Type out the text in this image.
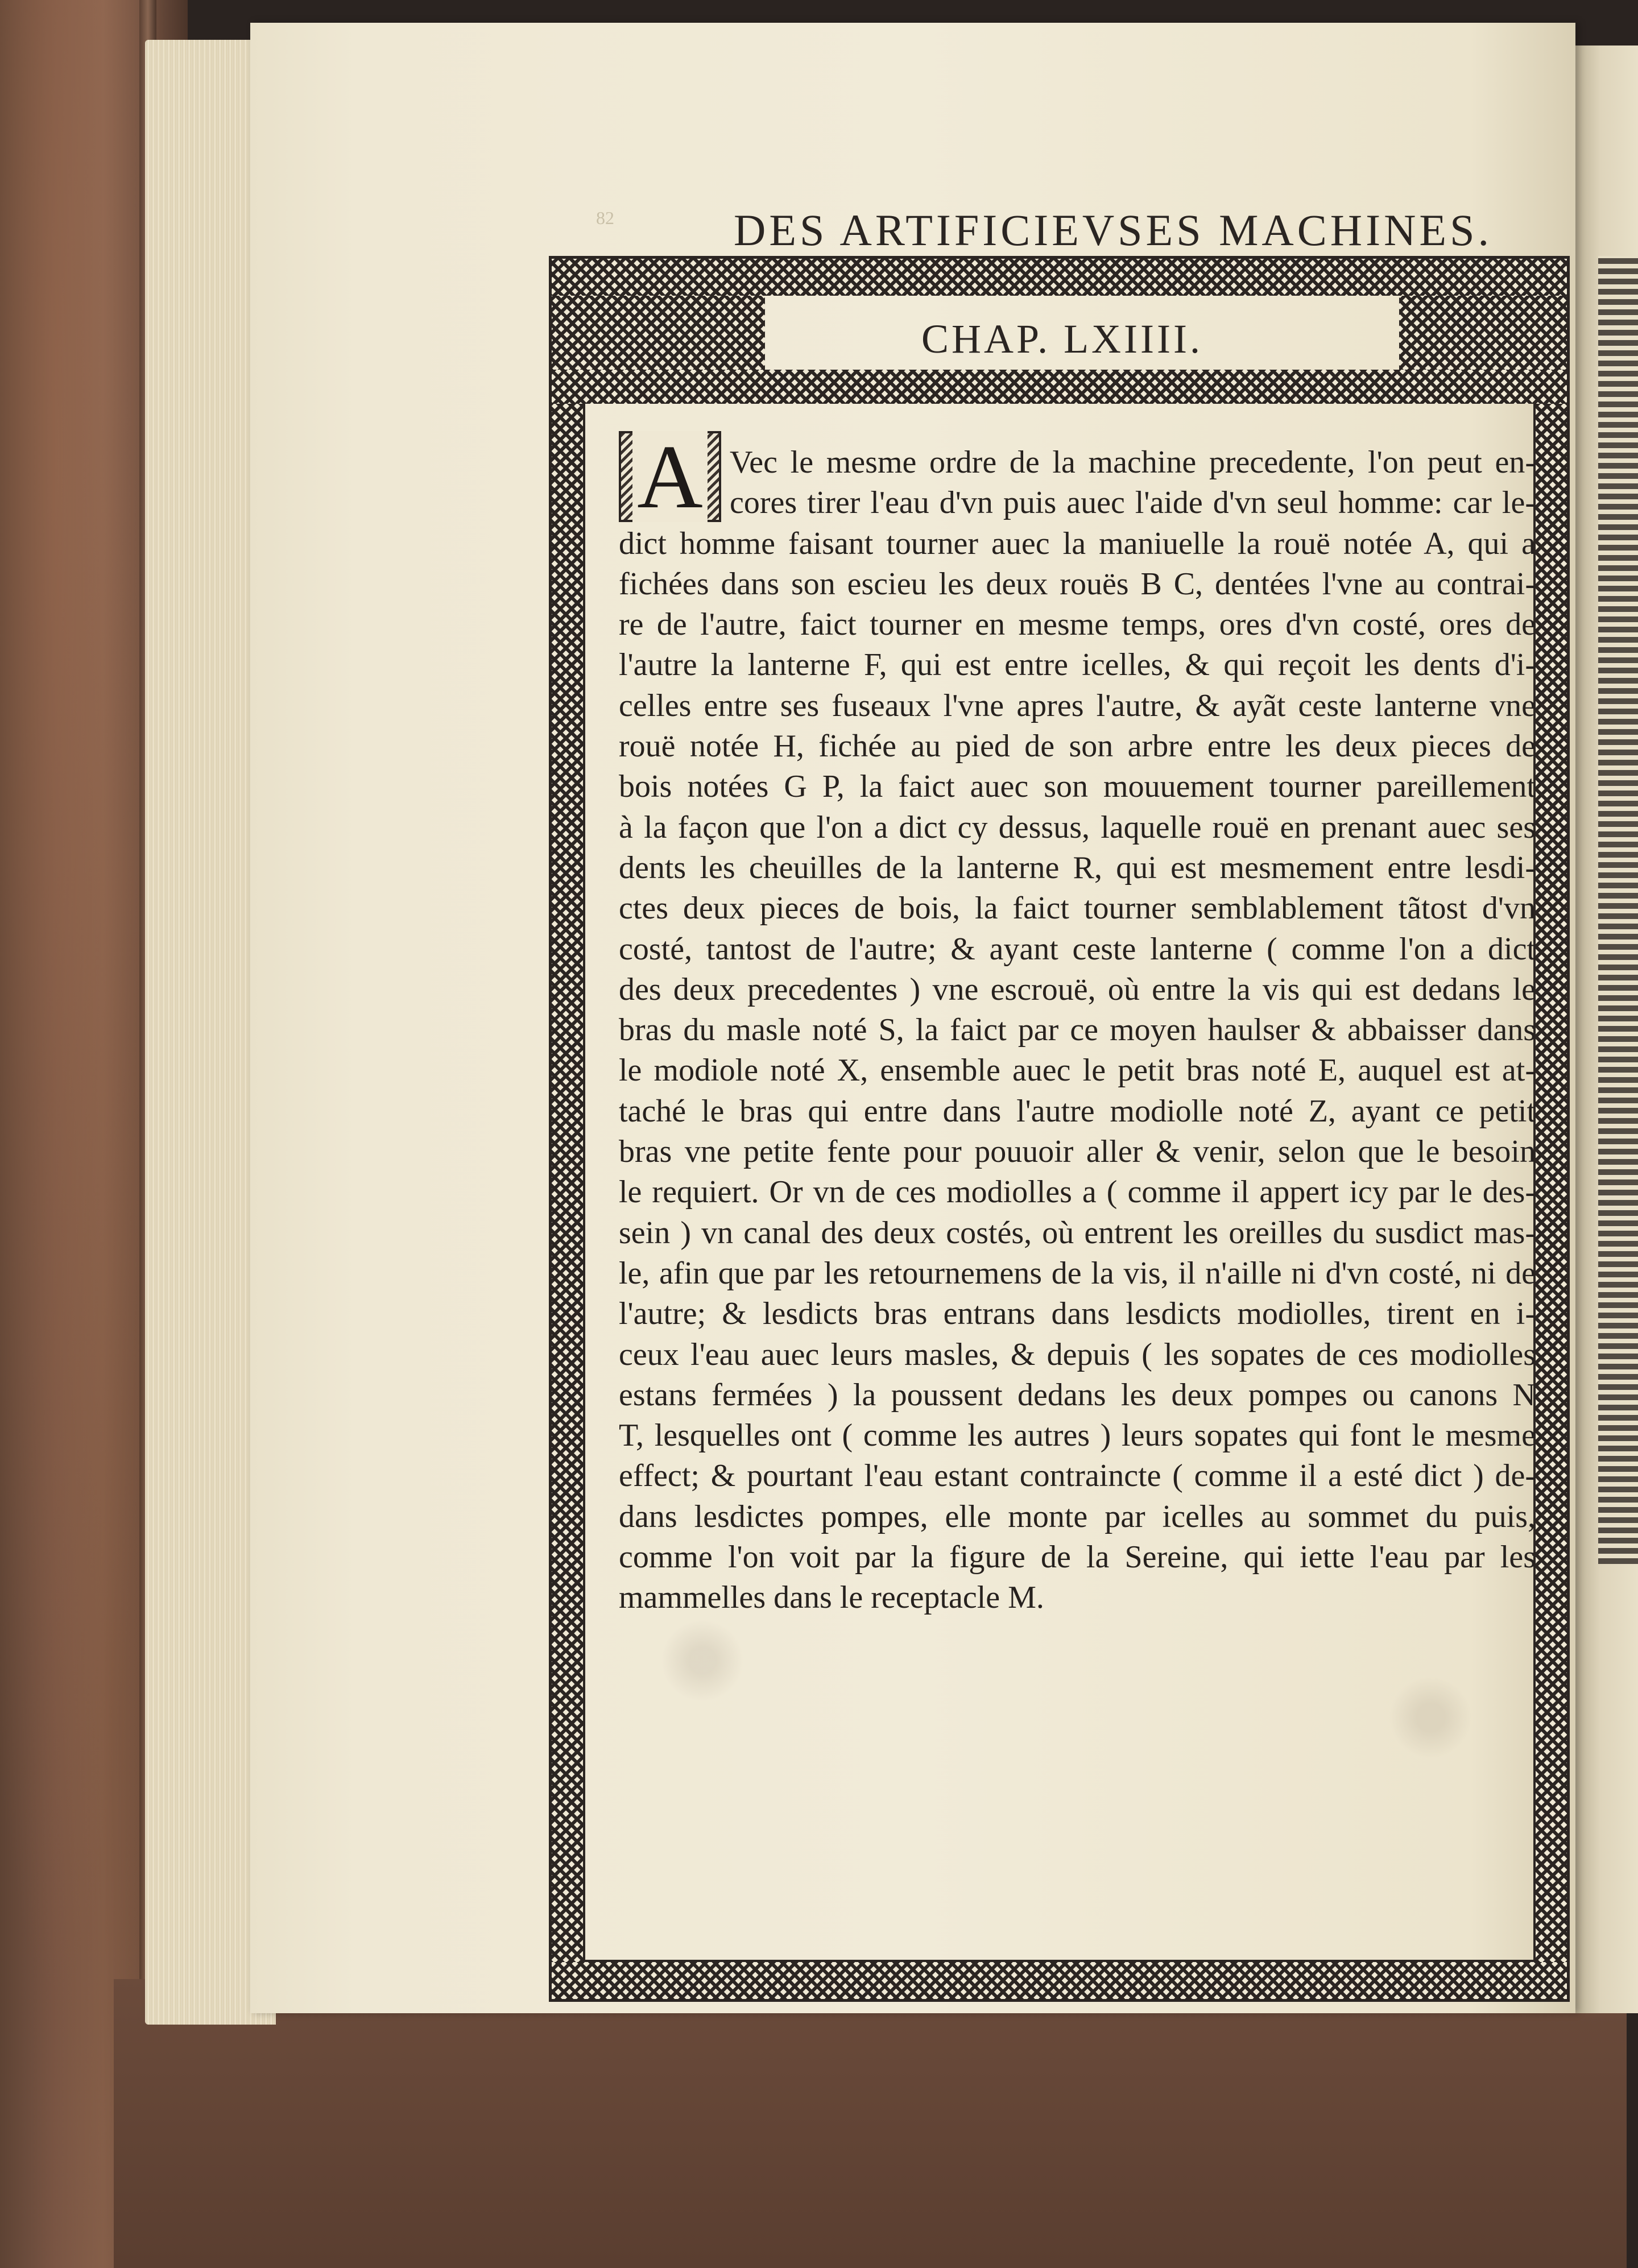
82	DES ARTIFICIEVSES MACHINES.
CHAP. LXIIII.
A Vec le mesme ordre de la machine precedente, l'on peut en-
cores tirer l'eau d'vn puis auec l'aide d'vn seul homme: car le-
dict homme faisant tourner auec la maniuelle la rouë notée A, qui a
fichées dans son escieu les deux rouës B C, dentées l'vne au contrai-
re de l'autre, faict tourner en mesme temps, ores d'vn costé, ores de
l'autre la lanterne F, qui est entre icelles, & qui reçoit les dents d'i-
celles entre ses fuseaux l'vne apres l'autre, & ayãt ceste lanterne vne
rouë notée H, fichée au pied de son arbre entre les deux pieces de
bois notées G P, la faict auec son mouuement tourner pareillement
à la façon que l'on a dict cy dessus, laquelle rouë en prenant auec ses
dents les cheuilles de la lanterne R, qui est mesmement entre lesdi-
ctes deux pieces de bois, la faict tourner semblablement tãtost d'vn
costé, tantost de l'autre; & ayant ceste lanterne ( comme l'on a dict
des deux precedentes ) vne escrouë, où entre la vis qui est dedans le
bras du masle noté S, la faict par ce moyen haulser & abbaisser dans
le modiole noté X, ensemble auec le petit bras noté E, auquel est at-
taché le bras qui entre dans l'autre modiolle noté Z, ayant ce petit
bras vne petite fente pour pouuoir aller & venir, selon que le besoin
le requiert. Or vn de ces modiolles a ( comme il appert icy par le des-
sein ) vn canal des deux costés, où entrent les oreilles du susdict mas-
le, afin que par les retournemens de la vis, il n'aille ni d'vn costé, ni de
l'autre; & lesdicts bras entrans dans lesdicts modiolles, tirent en i-
ceux l'eau auec leurs masles, & depuis ( les sopates de ces modiolles
estans fermées ) la poussent dedans les deux pompes ou canons N
T, lesquelles ont ( comme les autres ) leurs sopates qui font le mesme
effect; & pourtant l'eau estant contraincte ( comme il a esté dict ) de-
dans lesdictes pompes, elle monte par icelles au sommet du puis,
comme l'on voit par la figure de la Sereine, qui iette l'eau par les
mammelles dans le receptacle M.
